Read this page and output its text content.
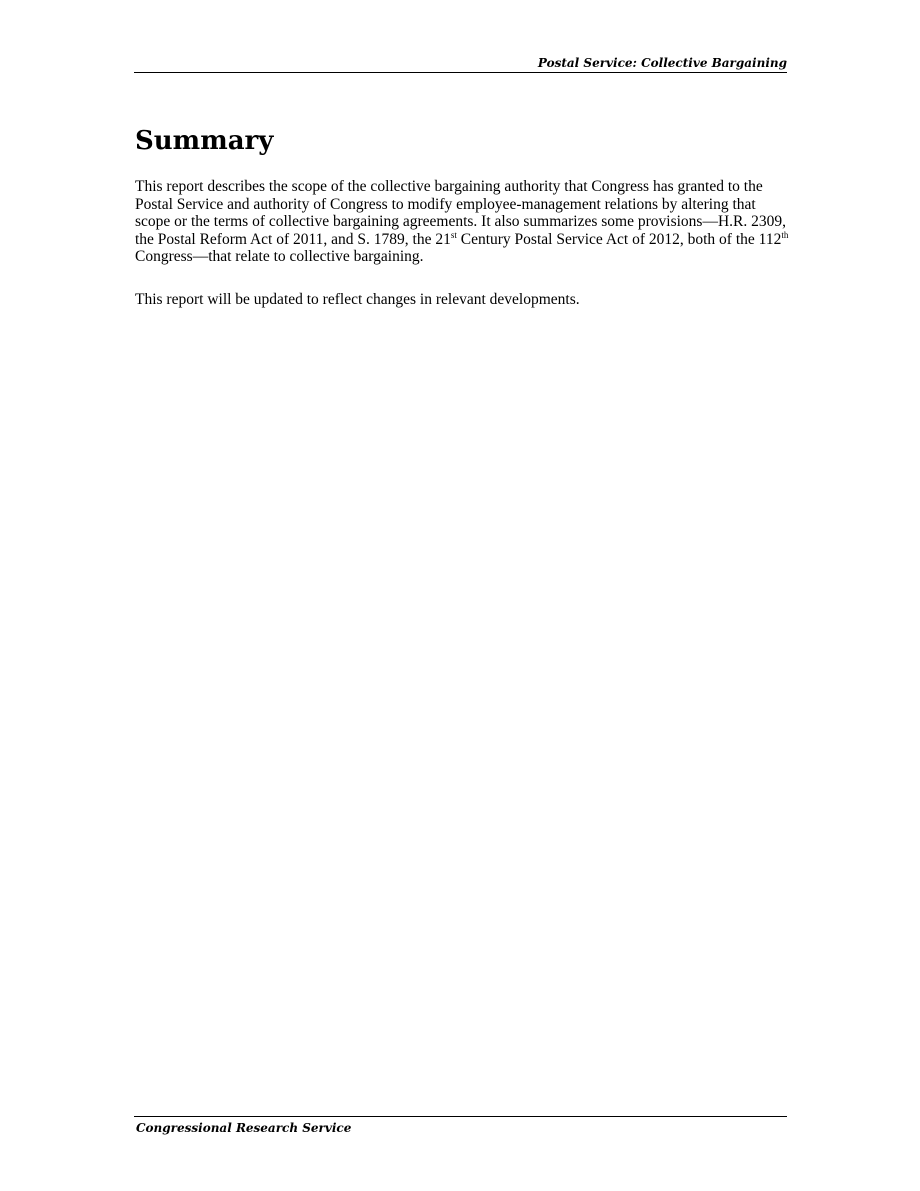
Postal Service: Collective Bargaining
Summary

This report describes the scope of the collective bargaining authority that Congress has granted to the Postal Service and authority of Congress to modify employee-management relations by altering that scope or the terms of collective bargaining agreements. It also summarizes some provisions—H.R. 2309, the Postal Reform Act of 2011, and S. 1789, the 21st Century Postal Service Act of 2012, both of the 112th Congress—that relate to collective bargaining.

This report will be updated to reflect changes in relevant developments.

Congressional Research Service
